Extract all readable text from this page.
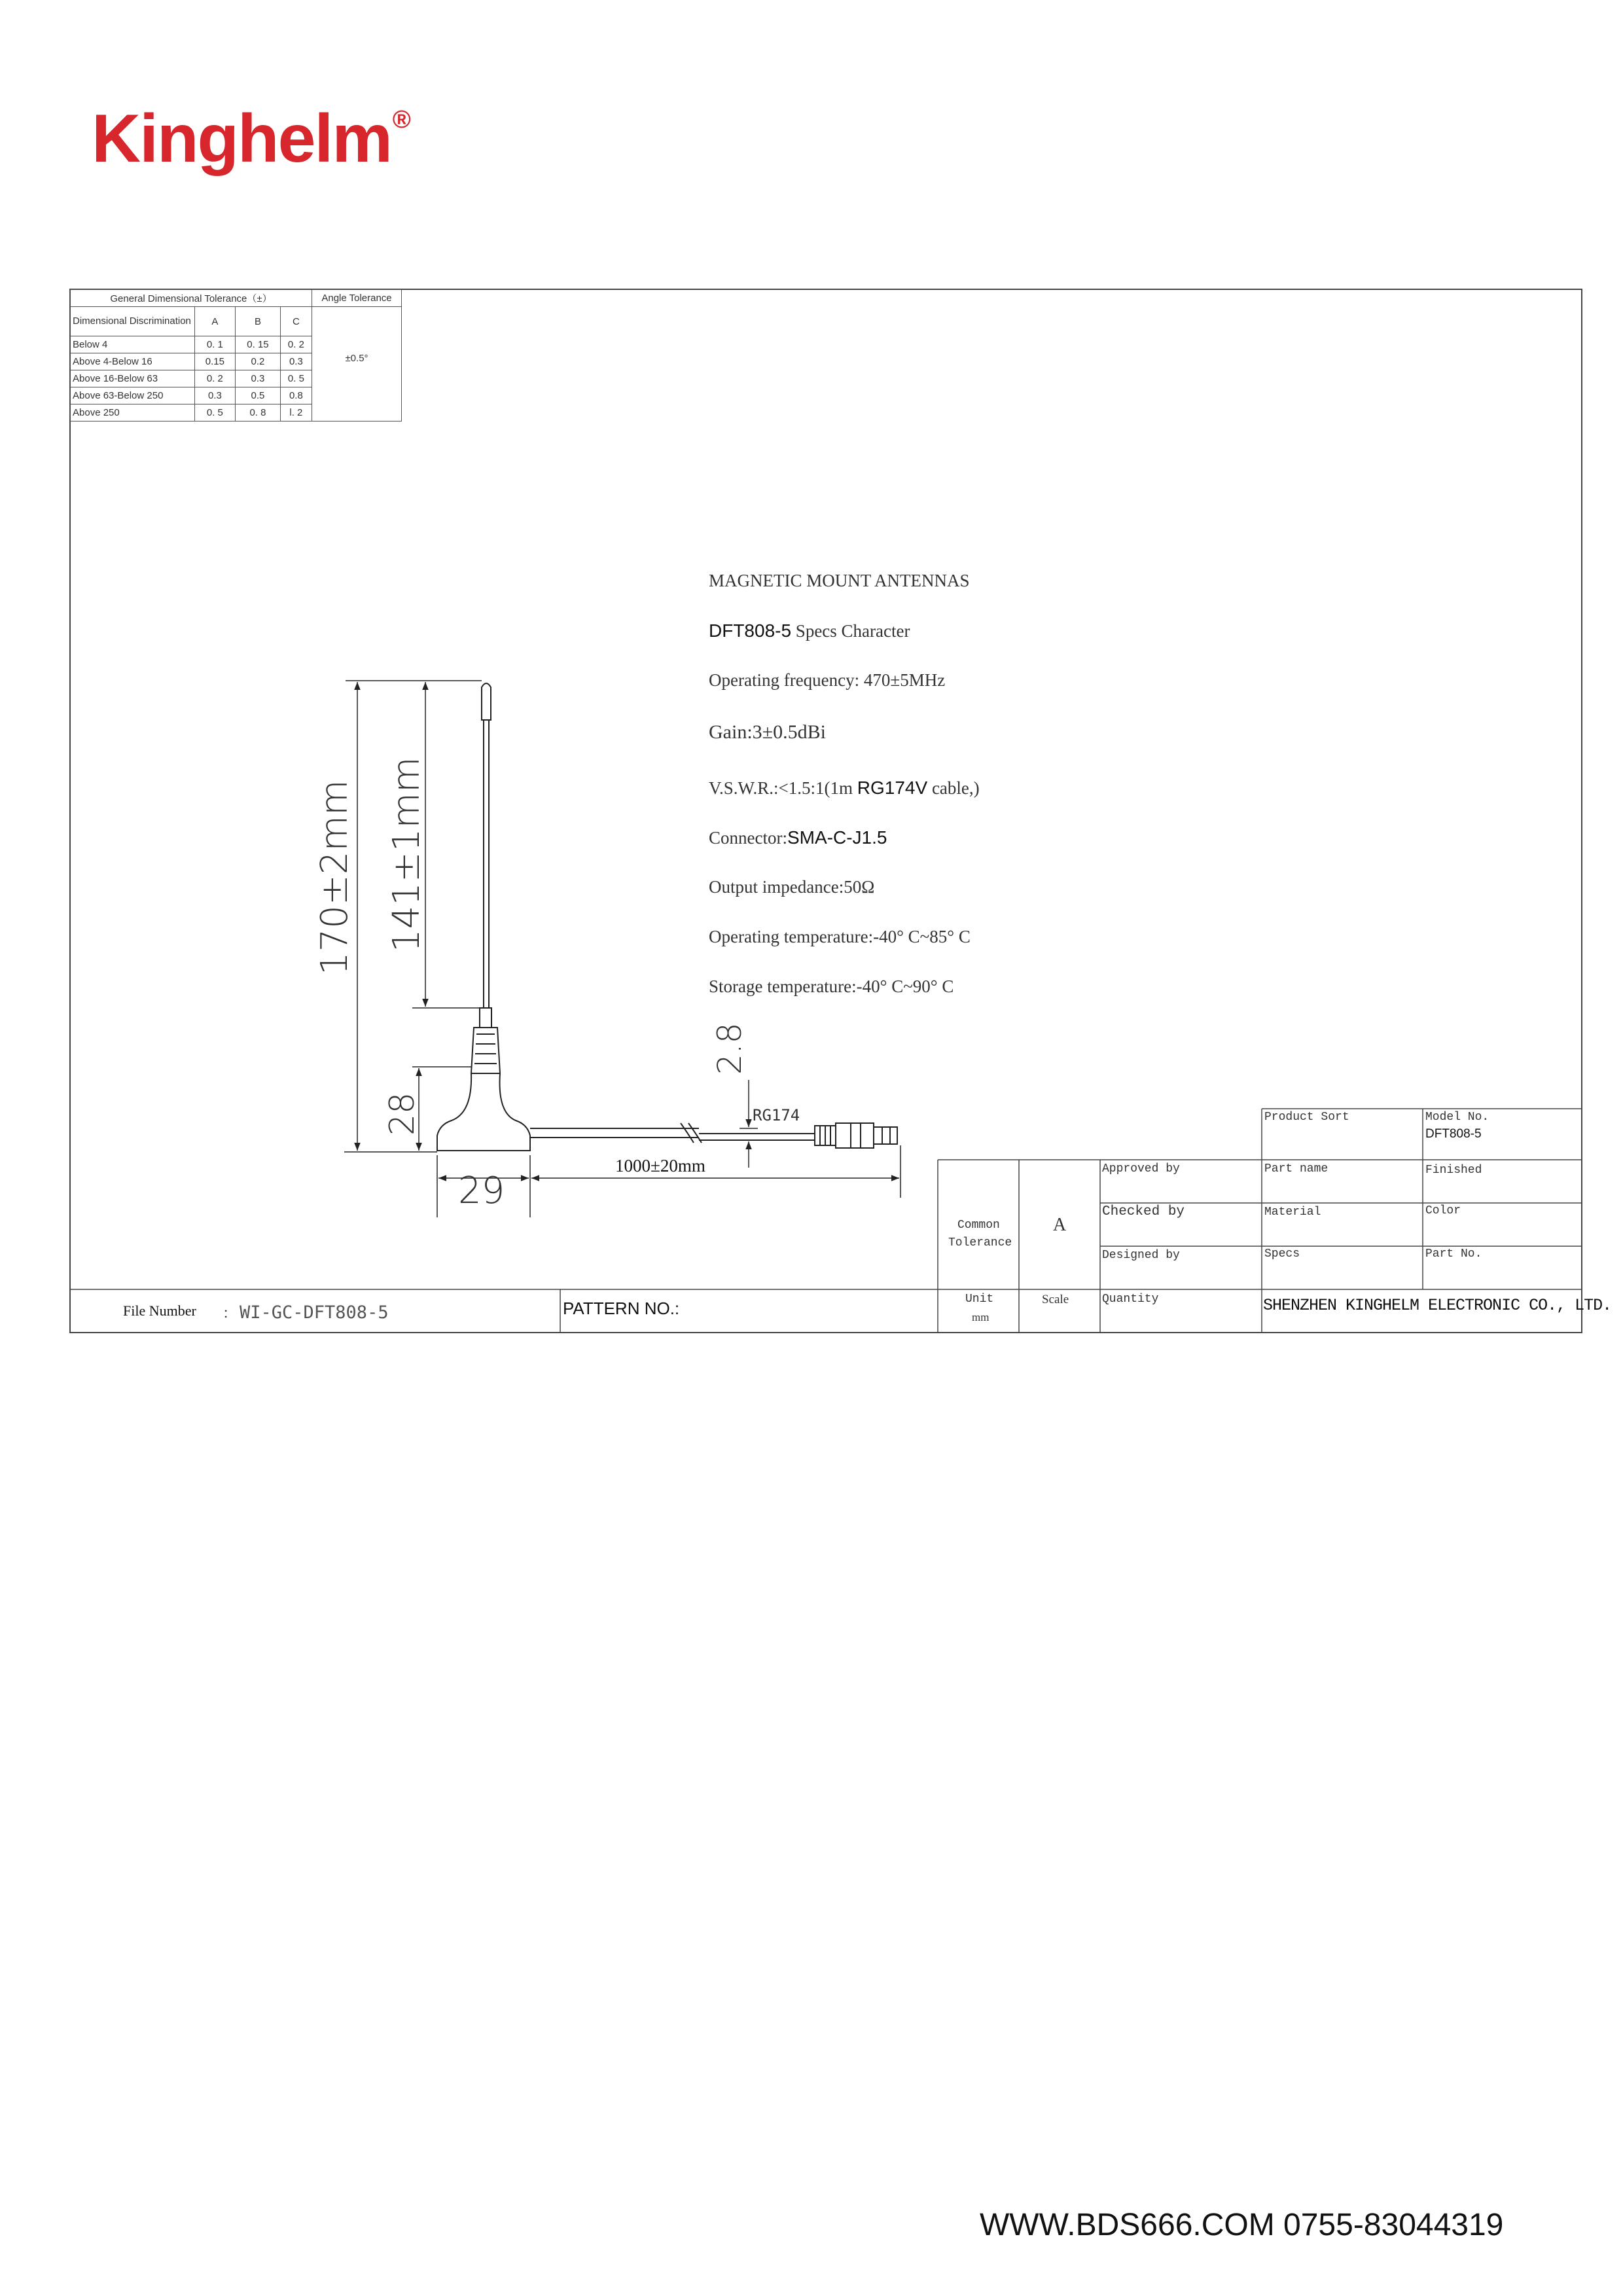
Kinghelm®
General Dimensional Tolerance（±）				Angle Tolerance
Dimensional Discrimination	A	B	C	±0.5°
Below 4	0. 1	0. 15	0. 2	
Above 4-Below 16	0.15	0.2	0.3	
Above 16-Below 63	0. 2	0.3	0. 5	
Above 63-Below 250	0.3	0.5	0.8	
Above 250	0. 5	0. 8	l. 2	
MAGNETIC MOUNT ANTENNAS
DFT808-5 Specs Character
Operating frequency: 470±5MHz
Gain:3±0.5dBi
V.S.W.R.:<1.5:1(1m RG174V cable,)
Connector:SMA-C-J1.5
Output impedance:50Ω
Operating temperature:-40° C~85° C
Storage temperature:-40° C~90° C
170±2mm 141±1mm
28
2.8
29
RG174
1000±20mm
Product Sort	Model No.
DFT808-5
Approved by	Part name	Finished
Common
Tolerance
A
Checked by	Material	Color
Designed by	Specs	Part No.
Unit
mm
Scale	Quantity	SHENZHEN KINGHELM ELECTRONIC CO., LTD.
File Number ： WI-GC-DFT808-5	PATTERN NO.:
WWW.BDS666.COM 0755-83044319
